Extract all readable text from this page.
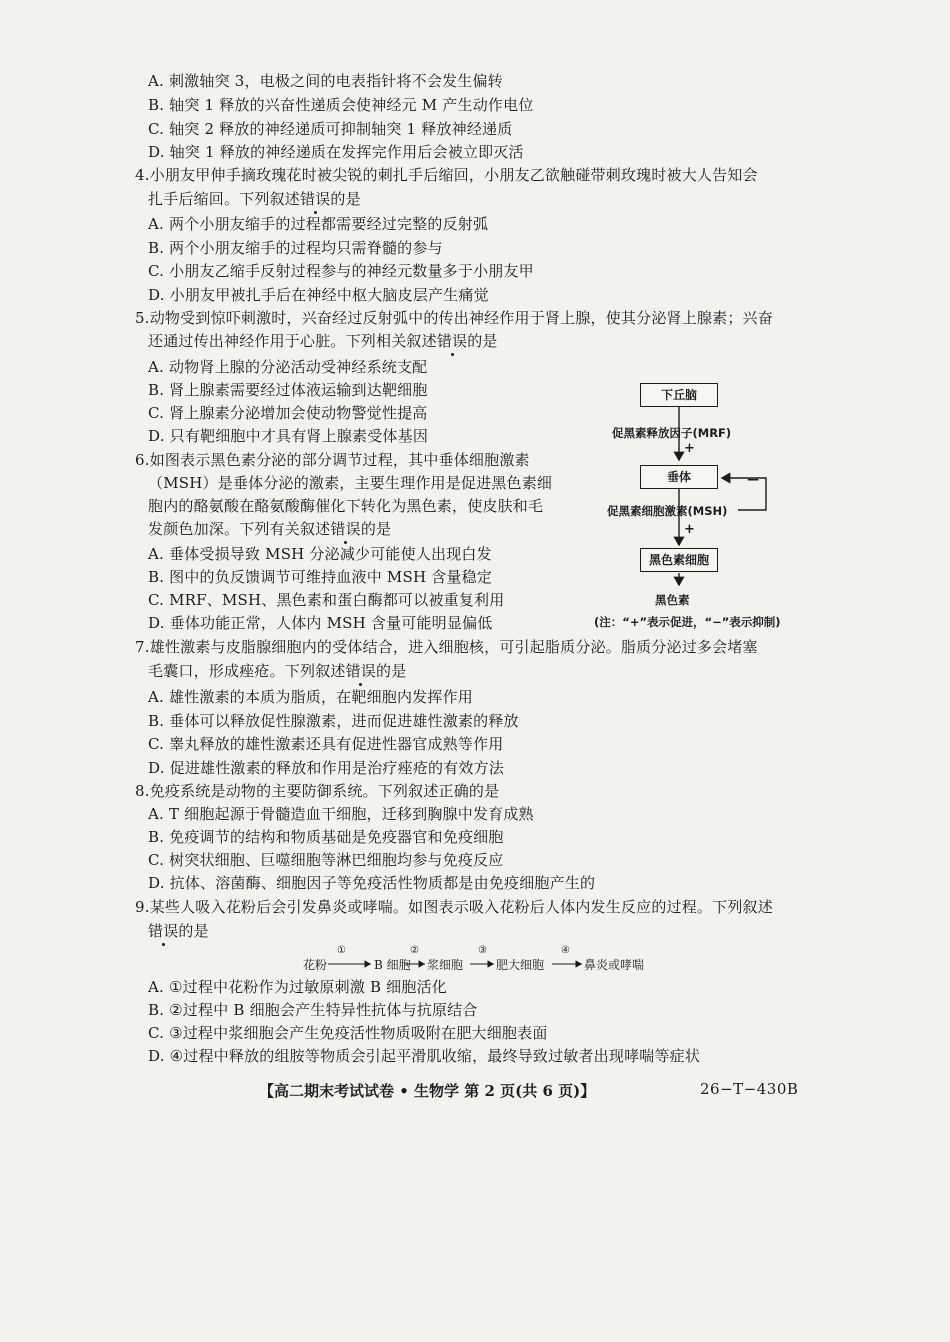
A. 刺激轴突 3，电极之间的电表指针将不会发生偏转
B. 轴突 1 释放的兴奋性递质会使神经元 M 产生动作电位
C. 轴突 2 释放的神经递质可抑制轴突 1 释放神经递质
D. 轴突 1 释放的神经递质在发挥完作用后会被立即灭活
4.小朋友甲伸手摘玫瑰花时被尖锐的刺扎手后缩回，小朋友乙欲触碰带刺玫瑰时被大人告知会
扎手后缩回。下列叙述错误的是
A. 两个小朋友缩手的过程都需要经过完整的反射弧
B. 两个小朋友缩手的过程均只需脊髓的参与
C. 小朋友乙缩手反射过程参与的神经元数量多于小朋友甲
D. 小朋友甲被扎手后在神经中枢大脑皮层产生痛觉
5.动物受到惊吓刺激时，兴奋经过反射弧中的传出神经作用于肾上腺，使其分泌肾上腺素；兴奋
还通过传出神经作用于心脏。下列相关叙述错误的是
A. 动物肾上腺的分泌活动受神经系统支配
B. 肾上腺素需要经过体液运输到达靶细胞
C. 肾上腺素分泌增加会使动物警觉性提高
D. 只有靶细胞中才具有肾上腺素受体基因
6.如图表示黑色素分泌的部分调节过程，其中垂体细胞激素
（MSH）是垂体分泌的激素，主要生理作用是促进黑色素细
胞内的酪氨酸在酪氨酸酶催化下转化为黑色素，使皮肤和毛
发颜色加深。下列有关叙述错误的是
A. 垂体受损导致 MSH 分泌减少可能使人出现白发
B. 图中的负反馈调节可维持血液中 MSH 含量稳定
C. MRF、MSH、黑色素和蛋白酶都可以被重复利用
D. 垂体功能正常，人体内 MSH 含量可能明显偏低
下丘脑
促黑素释放因子(MRF)
+
垂体	—
促黑素细胞激素(MSH)
+
黑色素细胞
黑色素
(注：“+”表示促进，“−”表示抑制)
7.雄性激素与皮脂腺细胞内的受体结合，进入细胞核，可引起脂质分泌。脂质分泌过多会堵塞
毛囊口，形成痤疮。下列叙述错误的是
A. 雄性激素的本质为脂质，在靶细胞内发挥作用
B. 垂体可以释放促性腺激素，进而促进雄性激素的释放
C. 睾丸释放的雄性激素还具有促进性器官成熟等作用
D. 促进雄性激素的释放和作用是治疗痤疮的有效方法
8.免疫系统是动物的主要防御系统。下列叙述正确的是
A. T 细胞起源于骨髓造血干细胞，迁移到胸腺中发育成熟
B. 免疫调节的结构和物质基础是免疫器官和免疫细胞
C. 树突状细胞、巨噬细胞等淋巴细胞均参与免疫反应
D. 抗体、溶菌酶、细胞因子等免疫活性物质都是由免疫细胞产生的
9.某些人吸入花粉后会引发鼻炎或哮喘。如图表示吸入花粉后人体内发生反应的过程。下列叙述
错误的是
花粉
①
B 细胞
②
浆细胞
③
肥大细胞
④
鼻炎或哮喘
A. ①过程中花粉作为过敏原刺激 B 细胞活化
B. ②过程中 B 细胞会产生特异性抗体与抗原结合
C. ③过程中浆细胞会产生免疫活性物质吸附在肥大细胞表面
D. ④过程中释放的组胺等物质会引起平滑肌收缩，最终导致过敏者出现哮喘等症状
【高二期末考试试卷 • 生物学 第 2 页(共 6 页)】	26−T−430B
